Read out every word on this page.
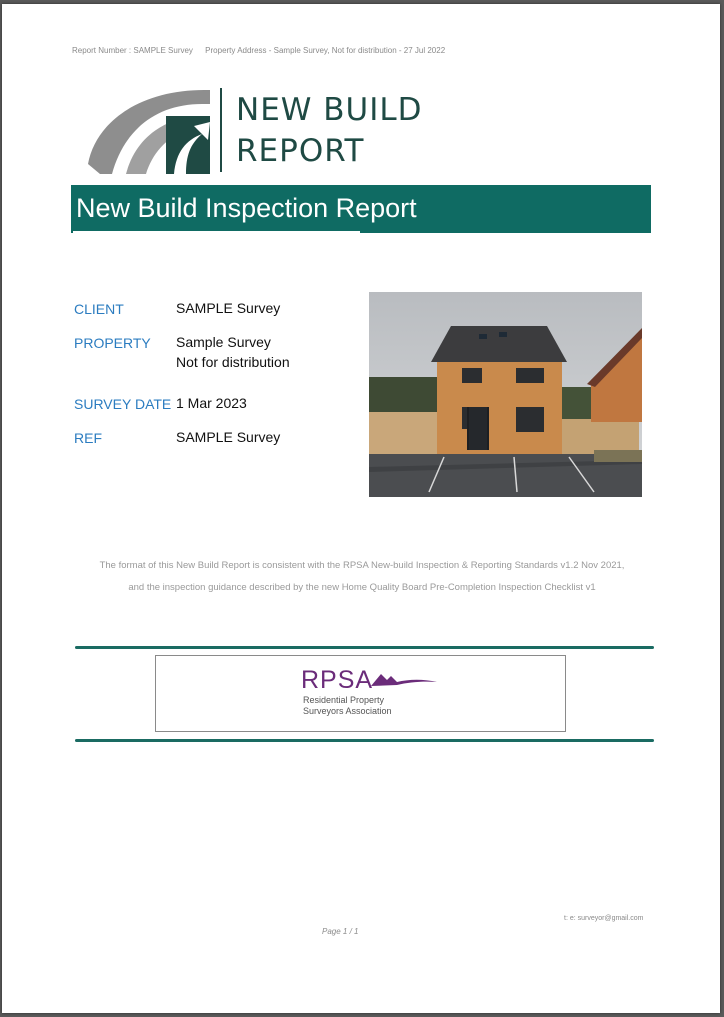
Report Number : SAMPLE Survey Property Address - Sample Survey, Not for distribution - 27 Jul 2022
NEW BUILD
REPORT
New Build Inspection Report
CLIENT	SAMPLE Survey
PROPERTY Sample Survey
Not for distribution
SURVEY DATE 1 Mar 2023
REF	SAMPLE Survey
The format of this New Build Report is consistent with the RPSA New-build Inspection & Reporting Standards v1.2 Nov 2021,
and the inspection guidance described by the new Home Quality Board Pre-Completion Inspection Checklist v1
RPSA
Residential Property
Surveyors Association
t: e: surveyor@gmail.com
Page 1 / 1
